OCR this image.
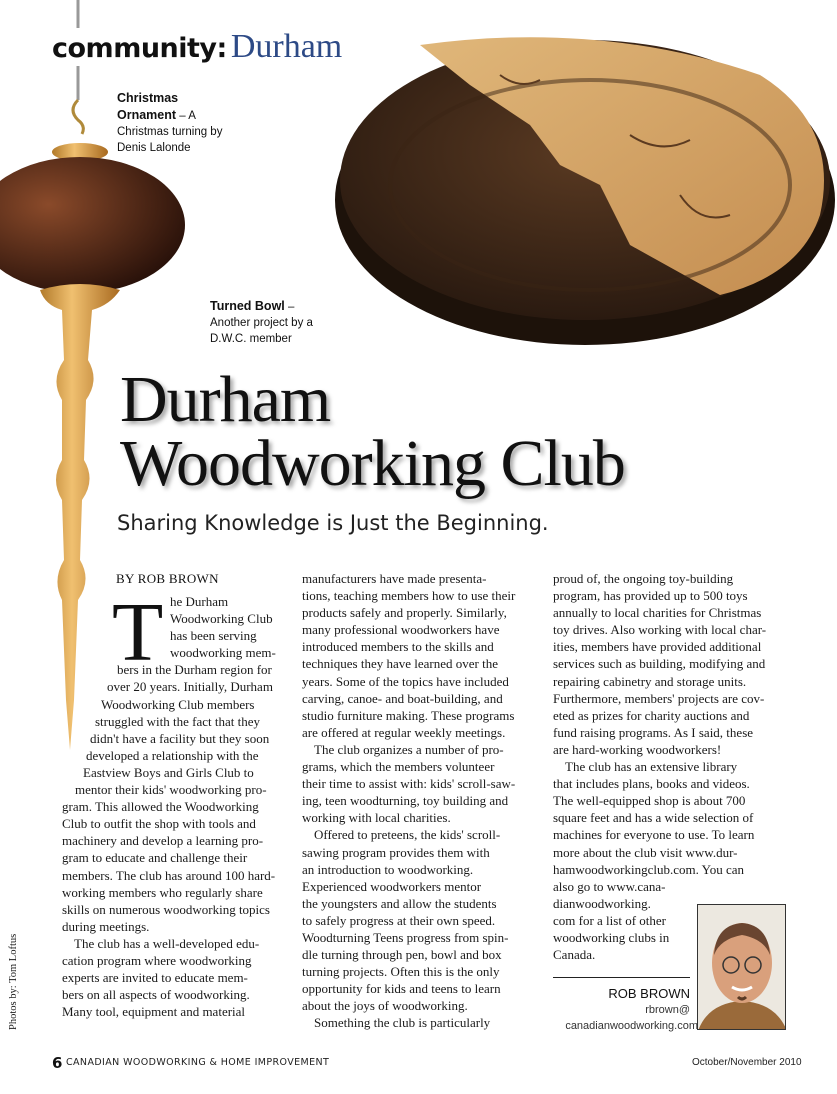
community: Durham
Christmas
Ornament – A
Christmas turning by
Denis Lalonde
Turned Bowl –
Another project by a
D.W.C. member
Durham
Woodworking Club
Sharing Knowledge is Just the Beginning.
BY ROB BROWN
T he Durham
Woodworking Club
has been serving
woodworking mem-
bers in the Durham region for
over 20 years. Initially, Durham
Woodworking Club members
struggled with the fact that they
didn't have a facility but they soon
developed a relationship with the
Eastview Boys and Girls Club to
mentor their kids' woodworking pro-
gram. This allowed the Woodworking
Club to outfit the shop with tools and
machinery and develop a learning pro-
gram to educate and challenge their
members. The club has around 100 hard-
working members who regularly share
skills on numerous woodworking topics
during meetings.
The club has a well-developed edu-
cation program where woodworking
experts are invited to educate mem-
bers on all aspects of woodworking.
Many tool, equipment and material
manufacturers have made presenta-
tions, teaching members how to use their
products safely and properly. Similarly,
many professional woodworkers have
introduced members to the skills and
techniques they have learned over the
years. Some of the topics have included
carving, canoe- and boat-building, and
studio furniture making. These programs
are offered at regular weekly meetings.
The club organizes a number of pro-
grams, which the members volunteer
their time to assist with: kids' scroll-saw-
ing, teen woodturning, toy building and
working with local charities.
Offered to preteens, the kids' scroll-
sawing program provides them with
an introduction to woodworking.
Experienced woodworkers mentor
the youngsters and allow the students
to safely progress at their own speed.
Woodturning Teens progress from spin-
dle turning through pen, bowl and box
turning projects. Often this is the only
opportunity for kids and teens to learn
about the joys of woodworking.
Something the club is particularly
proud of, the ongoing toy-building
program, has provided up to 500 toys
annually to local charities for Christmas
toy drives. Also working with local char-
ities, members have provided additional
services such as building, modifying and
repairing cabinetry and storage units.
Furthermore, members' projects are cov-
eted as prizes for charity auctions and
fund raising programs. As I said, these
are hard-working woodworkers!
The club has an extensive library
that includes plans, books and videos.
The well-equipped shop is about 700
square feet and has a wide selection of
machines for everyone to use. To learn
more about the club visit www.dur-
hamwoodworkingclub.com. You can
also go to www.cana-
dianwoodworking.
com for a list of other
woodworking clubs in
Canada.
ROB BROWN
rbrown@
canadianwoodworking.com
Photos by: Tom Loftus
6 CANADIAN WOODWORKING & HOME IMPROVEMENT	October/November 2010
